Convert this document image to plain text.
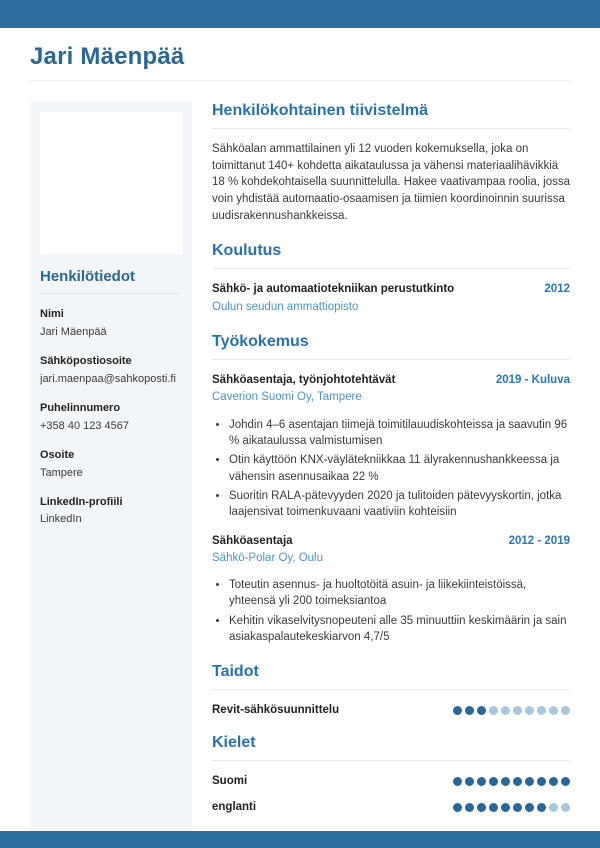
Jari Mäenpää
Henkilötiedot
Nimi
Jari Mäenpää
Sähköpostiosoite
jari.maenpaa@sahkoposti.fi
Puhelinnumero
+358 40 123 4567
Osoite
Tampere
LinkedIn-profiili
LinkedIn
Henkilökohtainen tiivistelmä

Sähköalan ammattilainen yli 12 vuoden kokemuksella, joka on toimittanut 140+ kohdetta aikataulussa ja vähensi materiaalihävikkiä 18 % kohdekohtaisella suunnittelulla. Hakee vaativampaa roolia, jossa voin yhdistää automaatio-osaamisen ja tiimien koordinoinnin suurissa uudisrakennushankkeissa.

Koulutus
Sähkö- ja automaatiotekniikan perustutkinto	2012
Oulun seudun ammattiopisto
Työkokemus
Sähköasentaja, työnjohtotehtävät	2019 - Kuluva
Caverion Suomi Oy, Tampere
• Johdin 4–6 asentajan tiimejä toimitilauudiskohteissa ja saavutin 96 % aikataulussa valmistumisen
• Otin käyttöön KNX-väylätekniikkaa 11 älyrakennushankkeessa ja vähensin asennusaikaa 22 %
• Suoritin RALA-pätevyyden 2020 ja tulitoiden pätevyyskortin, jotka laajensivat toimenkuvaani vaativiin kohteisiin
Sähköasentaja	2012 - 2019
Sähkö-Polar Oy, Oulu
• Toteutin asennus- ja huoltotöitä asuin- ja liikekiinteistöissä, yhteensä yli 200 toimeksiantoa
• Kehitin vikaselvitysnopeuteni alle 35 minuuttiin keskimäärin ja sain asiakaspalautekeskiarvon 4,7/5
Taidot
Revit-sähkösuunnittelu
Kielet
Suomi
englanti
